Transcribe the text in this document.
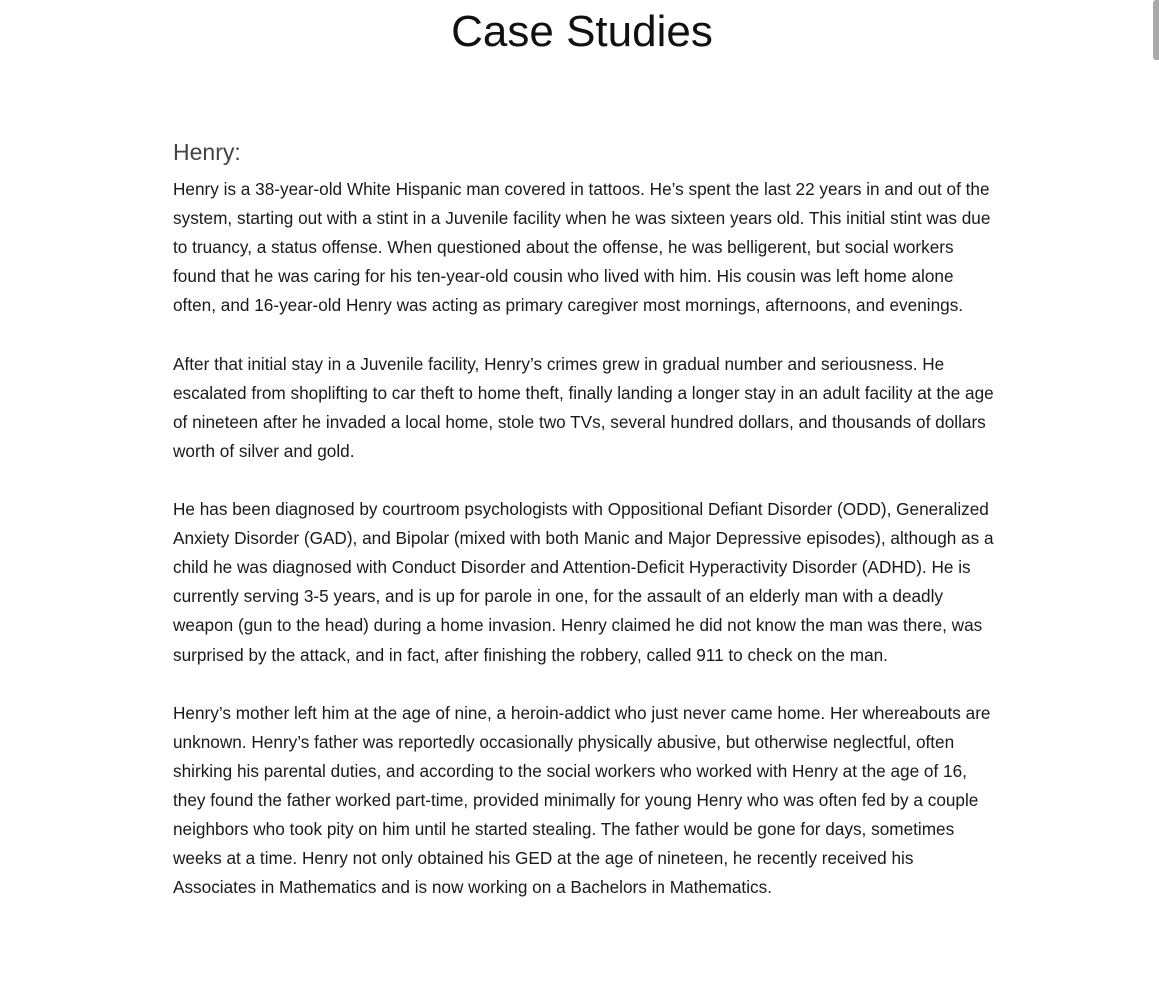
Case Studies
Henry:

Henry is a 38-year-old White Hispanic man covered in tattoos. He’s spent the last 22 years in and out of the system, starting out with a stint in a Juvenile facility when he was sixteen years old. This initial stint was due to truancy, a status offense. When questioned about the offense, he was belligerent, but social workers found that he was caring for his ten-year-old cousin who lived with him. His cousin was left home alone often, and 16-year-old Henry was acting as primary caregiver most mornings, afternoons, and evenings.

After that initial stay in a Juvenile facility, Henry’s crimes grew in gradual number and seriousness. He escalated from shoplifting to car theft to home theft, finally landing a longer stay in an adult facility at the age of nineteen after he invaded a local home, stole two TVs, several hundred dollars, and thousands of dollars worth of silver and gold.

He has been diagnosed by courtroom psychologists with Oppositional Defiant Disorder (ODD), Generalized Anxiety Disorder (GAD), and Bipolar (mixed with both Manic and Major Depressive episodes), although as a child he was diagnosed with Conduct Disorder and Attention-Deficit Hyperactivity Disorder (ADHD). He is currently serving 3-5 years, and is up for parole in one, for the assault of an elderly man with a deadly weapon (gun to the head) during a home invasion. Henry claimed he did not know the man was there, was surprised by the attack, and in fact, after finishing the robbery, called 911 to check on the man.

Henry’s mother left him at the age of nine, a heroin-addict who just never came home. Her whereabouts are unknown. Henry’s father was reportedly occasionally physically abusive, but otherwise neglectful, often shirking his parental duties, and according to the social workers who worked with Henry at the age of 16, they found the father worked part-time, provided minimally for young Henry who was often fed by a couple neighbors who took pity on him until he started stealing. The father would be gone for days, sometimes weeks at a time. Henry not only obtained his GED at the age of nineteen, he recently received his Associates in Mathematics and is now working on a Bachelors in Mathematics.
